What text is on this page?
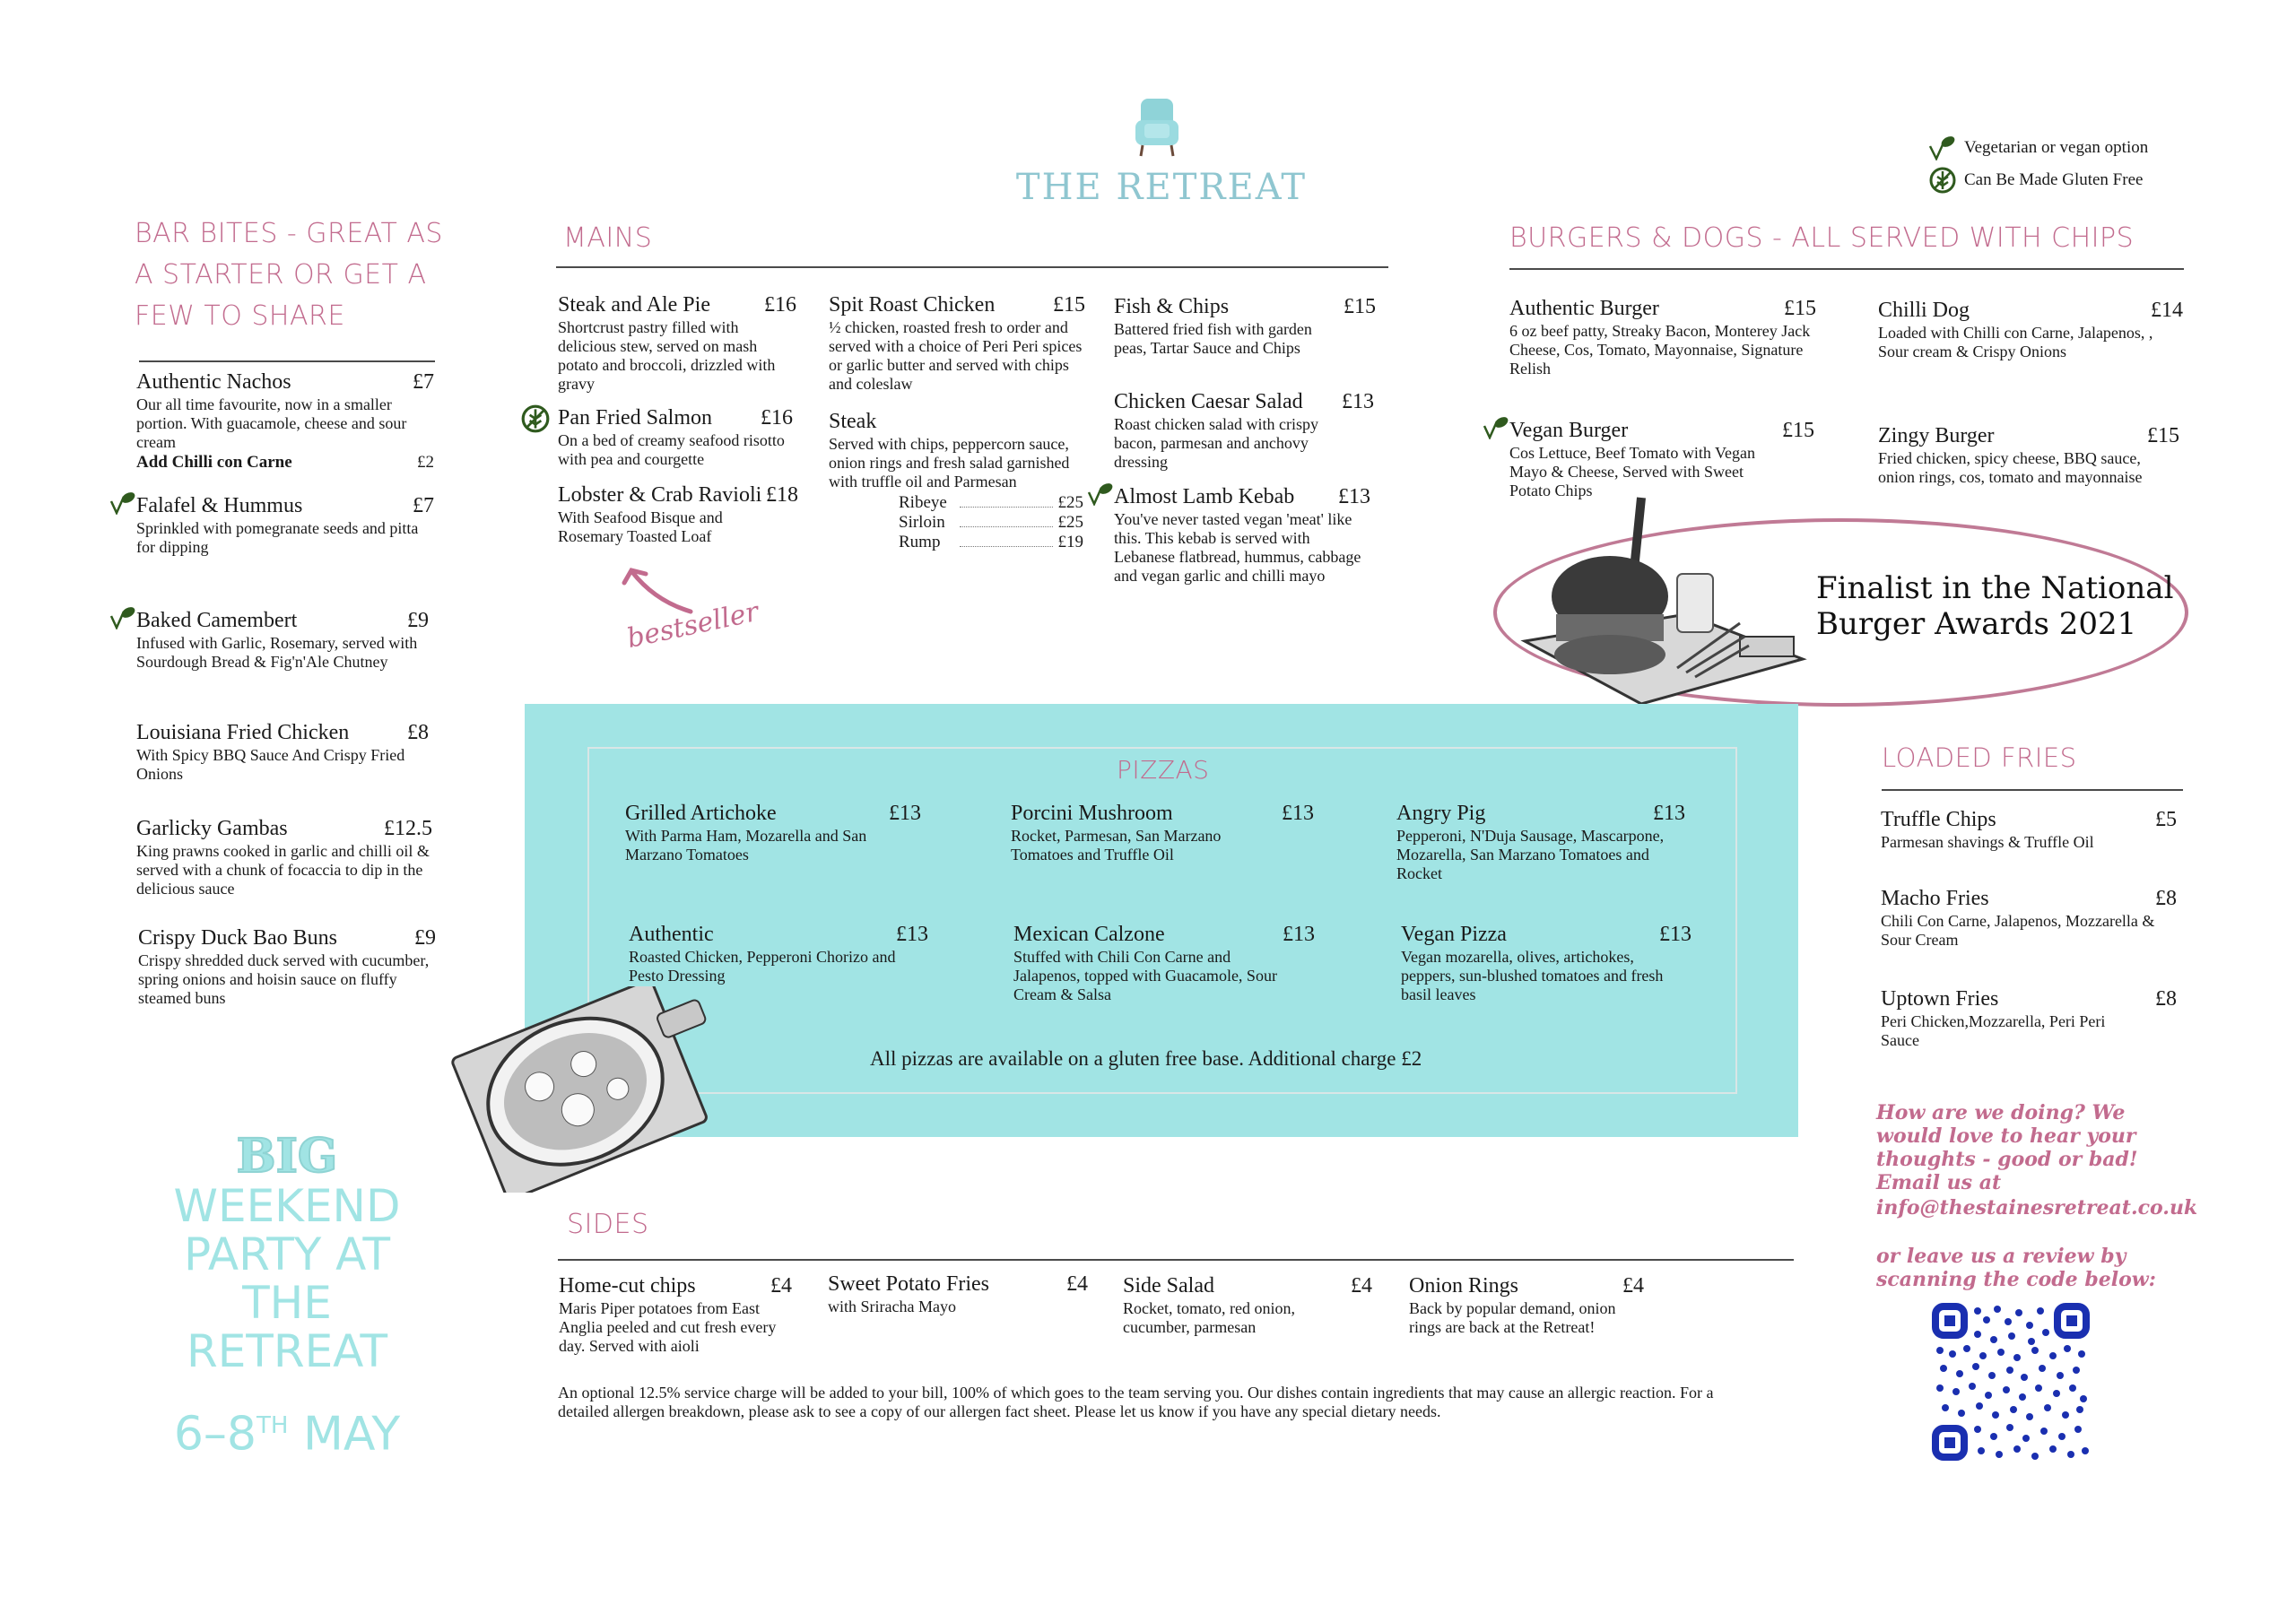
THE RETREAT
Vegetarian or vegan option
Can Be Made Gluten Free
BAR BITES - GREAT AS
A STARTER OR GET A
FEW TO SHARE
Authentic Nachos	£7
Our all time favourite, now in a smaller portion. With guacamole, cheese and sour cream
Add Chilli con Carne	£2
Falafel & Hummus	£7
Sprinkled with pomegranate seeds and pitta for dipping
Baked Camembert	£9
Infused with Garlic, Rosemary, served with Sourdough Bread & Fig'n'Ale Chutney
Louisiana Fried Chicken	£8
With Spicy BBQ Sauce And Crispy Fried Onions
Garlicky Gambas	£12.5
King prawns cooked in garlic and chilli oil & served with a chunk of focaccia to dip in the delicious sauce
Crispy Duck Bao Buns	£9
Crispy shredded duck served with cucumber, spring onions and hoisin sauce on fluffy steamed buns
BIG
WEEKEND
PARTY AT
THE
RETREAT
6–8TH MAY
MAINS
Steak and Ale Pie	£16
Shortcrust pastry filled with delicious stew, served on mash potato and broccoli, drizzled with gravy
Pan Fried Salmon £16
On a bed of creamy seafood risotto with pea and courgette
Lobster & Crab Ravioli £18
With Seafood Bisque and Rosemary Toasted Loaf
bestseller
Spit Roast Chicken	£15
½ chicken, roasted fresh to order and served with a choice of Peri Peri spices or garlic butter and served with chips and coleslaw
Steak
Served with chips, peppercorn sauce, onion rings and fresh salad garnished with truffle oil and Parmesan
Ribeye	£25
Sirloin	£25
Rump	£19
Fish & Chips	£15
Battered fried fish with garden peas, Tartar Sauce and Chips
Chicken Caesar Salad £13
Roast chicken salad with crispy bacon, parmesan and anchovy dressing
Almost Lamb Kebab £13
You've never tasted vegan 'meat' like this. This kebab is served with Lebanese flatbread, hummus, cabbage and vegan garlic and chilli mayo
BURGERS & DOGS - ALL SERVED WITH CHIPS
Authentic Burger	£15
6 oz beef patty, Streaky Bacon, Monterey Jack Cheese, Cos, Tomato, Mayonnaise, Signature Relish
Chilli Dog	£14
Loaded with Chilli con Carne, Jalapenos, , Sour cream & Crispy Onions
Vegan Burger	£15
Cos Lettuce, Beef Tomato with Vegan Mayo & Cheese, Served with Sweet Potato Chips
Zingy Burger	£15
Fried chicken, spicy cheese, BBQ sauce, onion rings, cos, tomato and mayonnaise
Finalist in the National
Burger Awards 2021
PIZZAS
Grilled Artichoke	£13
With Parma Ham, Mozarella and San Marzano Tomatoes
Porcini Mushroom	£13
Rocket, Parmesan, San Marzano Tomatoes and Truffle Oil
Angry Pig	£13
Pepperoni, N'Duja Sausage, Mascarpone, Mozarella, San Marzano Tomatoes and Rocket
Authentic	£13
Roasted Chicken, Pepperoni Chorizo and Pesto Dressing
Mexican Calzone	£13
Stuffed with Chili Con Carne and Jalapenos, topped with Guacamole, Sour Cream & Salsa
Vegan Pizza	£13
Vegan mozarella, olives, artichokes, peppers, sun-blushed tomatoes and fresh basil leaves
All pizzas are available on a gluten free base. Additional charge £2
LOADED FRIES
Truffle Chips	£5
Parmesan shavings & Truffle Oil
Macho Fries	£8
Chili Con Carne, Jalapenos, Mozzarella & Sour Cream
Uptown Fries	£8
Peri Chicken,Mozzarella, Peri Peri Sauce
How are we doing? We would love to hear your thoughts - good or bad! Email us at
info@thestainesretreat.co.uk
or leave us a review by scanning the code below:
SIDES
Home-cut chips	£4
Maris Piper potatoes from East Anglia peeled and cut fresh every day. Served with aioli
Sweet Potato Fries	£4
with Sriracha Mayo
Side Salad	£4
Rocket, tomato, red onion, cucumber, parmesan
Onion Rings	£4
Back by popular demand, onion rings are back at the Retreat!
An optional 12.5% service charge will be added to your bill, 100% of which goes to the team serving you. Our dishes contain ingredients that may cause an allergic reaction. For a detailed allergen breakdown, please ask to see a copy of our allergen fact sheet. Please let us know if you have any special dietary needs.
